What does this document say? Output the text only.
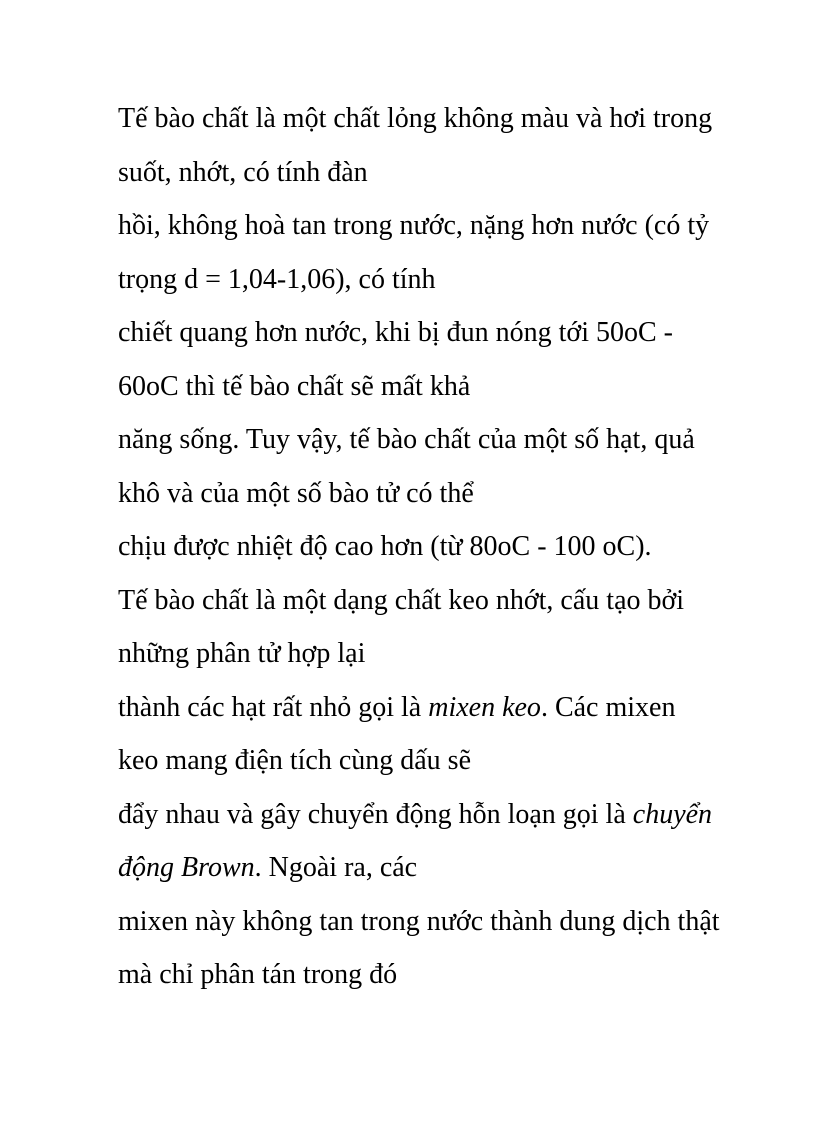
Tế bào chất là một chất lỏng không màu và hơi trong
suốt, nhớt, có tính đàn
hồi, không hoà tan trong nước, nặng hơn nước (có tỷ
trọng d = 1,04-1,06), có tính
chiết quang hơn nước, khi bị đun nóng tới 50oC -
60oC thì tế bào chất sẽ mất khả
năng sống. Tuy vậy, tế bào chất của một số hạt, quả
khô và của một số bào tử có thể
chịu được nhiệt độ cao hơn (từ 80oC - 100 oC).
Tế bào chất là một dạng chất keo nhớt, cấu tạo bởi
những phân tử hợp lại
thành các hạt rất nhỏ gọi là mixen keo. Các mixen
keo mang điện tích cùng dấu sẽ
đẩy nhau và gây chuyển động hỗn loạn gọi là chuyển
động Brown. Ngoài ra, các
mixen này không tan trong nước thành dung dịch thật
mà chỉ phân tán trong đó
